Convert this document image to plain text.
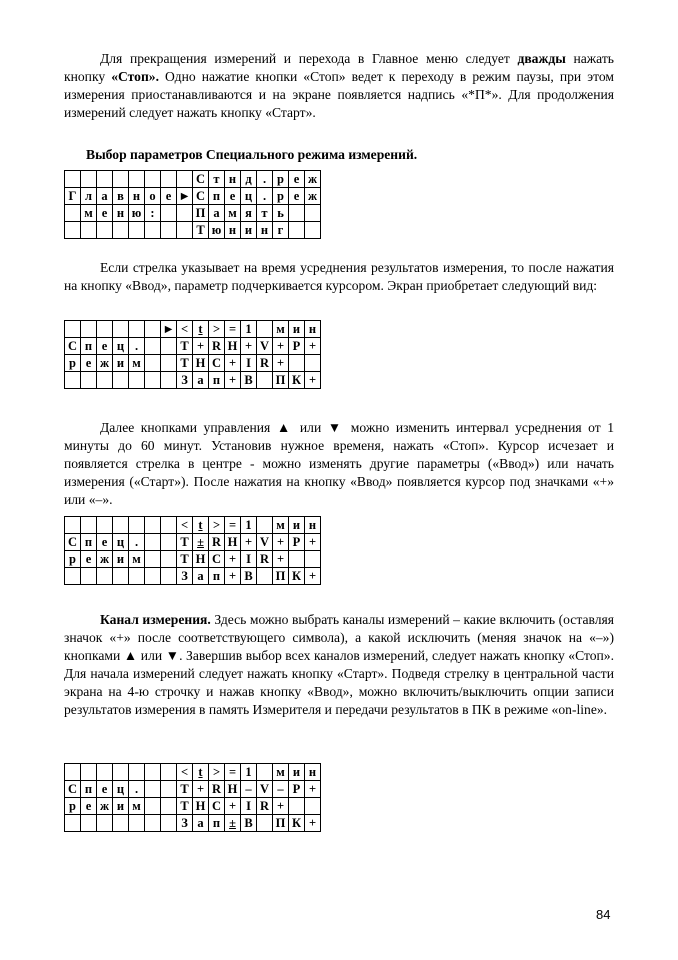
Для прекращения измерений и перехода в Главное меню следует дважды нажать кнопку «Стоп». Одно нажатие кнопки «Стоп» ведет к переходу в режим паузы, при этом измерения приостанавливаются и на экране появляется надпись «*П*». Для продолжения измерений следует нажать кнопку «Старт».

Выбор параметров Специального режима измерений.

								С	т	н	д	.	р	е	ж
Г	л	а	в	н	о	е	►	С	п	е	ц	.	р	е	ж
	м	е	н	ю	:			П	а	м	я	т	ь		
								Т	ю	н	и	н	г		

Если стрелка указывает на время усреднения результатов измерения, то после нажатия на кнопку «Ввод», параметр подчеркивается курсором. Экран приобретает следующий вид:

						►	<	t	>	=	1		м	и	н
С	п	е	ц	.			Т	+	R	Н	+	V	+	Р	+
р	е	ж	и	м			Т	Н	С	+	I	R	+		
							З	а	п	+	В		П	К	+

Далее кнопками управления ▲ или ▼ можно изменить интервал усреднения от 1 минуты до 60 минут. Установив нужное временя, нажать «Стоп». Курсор исчезает и появляется стрелка в центре - можно изменять другие параметры («Ввод») или начать измерения («Старт»). После нажатия на кнопку «Ввод» появляется курсор под значками «+» или «–».

							<	t	>	=	1		м	и	н
С	п	е	ц	.			Т	±	R	Н	+	V	+	Р	+
р	е	ж	и	м			Т	Н	С	+	I	R	+		
							З	а	п	+	В		П	К	+

Канал измерения. Здесь можно выбрать каналы измерений – какие включить (оставляя значок «+» после соответствующего символа), а какой исключить (меняя значок на «–») кнопками ▲ или ▼. Завершив выбор всех каналов измерений, следует нажать кнопку «Стоп». Для начала измерений следует нажать кнопку «Старт». Подведя стрелку в центральной части экрана на 4-ю строчку и нажав кнопку «Ввод», можно включить/выключить опции записи результатов измерения в память Измерителя и передачи результатов в ПК в режиме «on-line».

							<	t	>	=	1		м	и	н
С	п	е	ц	.			Т	+	R	Н	–	V	–	Р	+
р	е	ж	и	м			Т	Н	С	+	I	R	+		
							З	а	п	±	В		П	К	+
84
